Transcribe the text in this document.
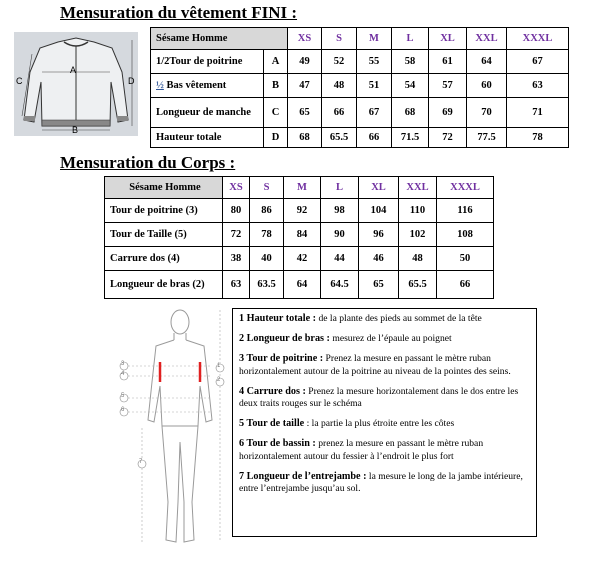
Mensuration du vêtement FINI :
A
B
C	D
Sésame Homme		XS	S	M	L	XL	XXL	XXXL
1/2Tour de poitrine	A	49	52	55	58	61	64	67
½ Bas vêtement	B	47	48	51	54	57	60	63
Longueur de manche	C	65	66	67	68	69	70	71
Hauteur totale	D	68	65.5	66	71.5	72	77.5	78
Mensuration du Corps :
Sésame Homme	XS	S	M	L	XL	XXL	XXXL
Tour de poitrine (3)	80	86	92	98	104	110	116
Tour de Taille (5)	72	78	84	90	96	102	108
Carrure dos (4)	38	40	42	44	46	48	50
Longueur de bras (2)	63	63.5	64	64.5	65	65.5	66
3
4
5
6
7
1
2

1 Hauteur totale : de la plante des pieds au sommet de la tête

2 Longueur de bras : mesurez de l’épaule au poignet

3 Tour de poitrine : Prenez la mesure en passant le mètre ruban horizontalement autour de la poitrine au niveau de la pointes des seins.

4 Carrure dos : Prenez la mesure horizontalement dans le dos entre les deux traits rouges sur le schéma

5 Tour de taille : la partie la plus étroite entre les côtes

6 Tour de bassin : prenez la mesure en passant le mètre ruban horizontalement autour du fessier à l’endroit le plus fort

7 Longueur de l’entrejambe : la mesure le long de la jambe intérieure, entre l’entrejambe jusqu’au sol.
